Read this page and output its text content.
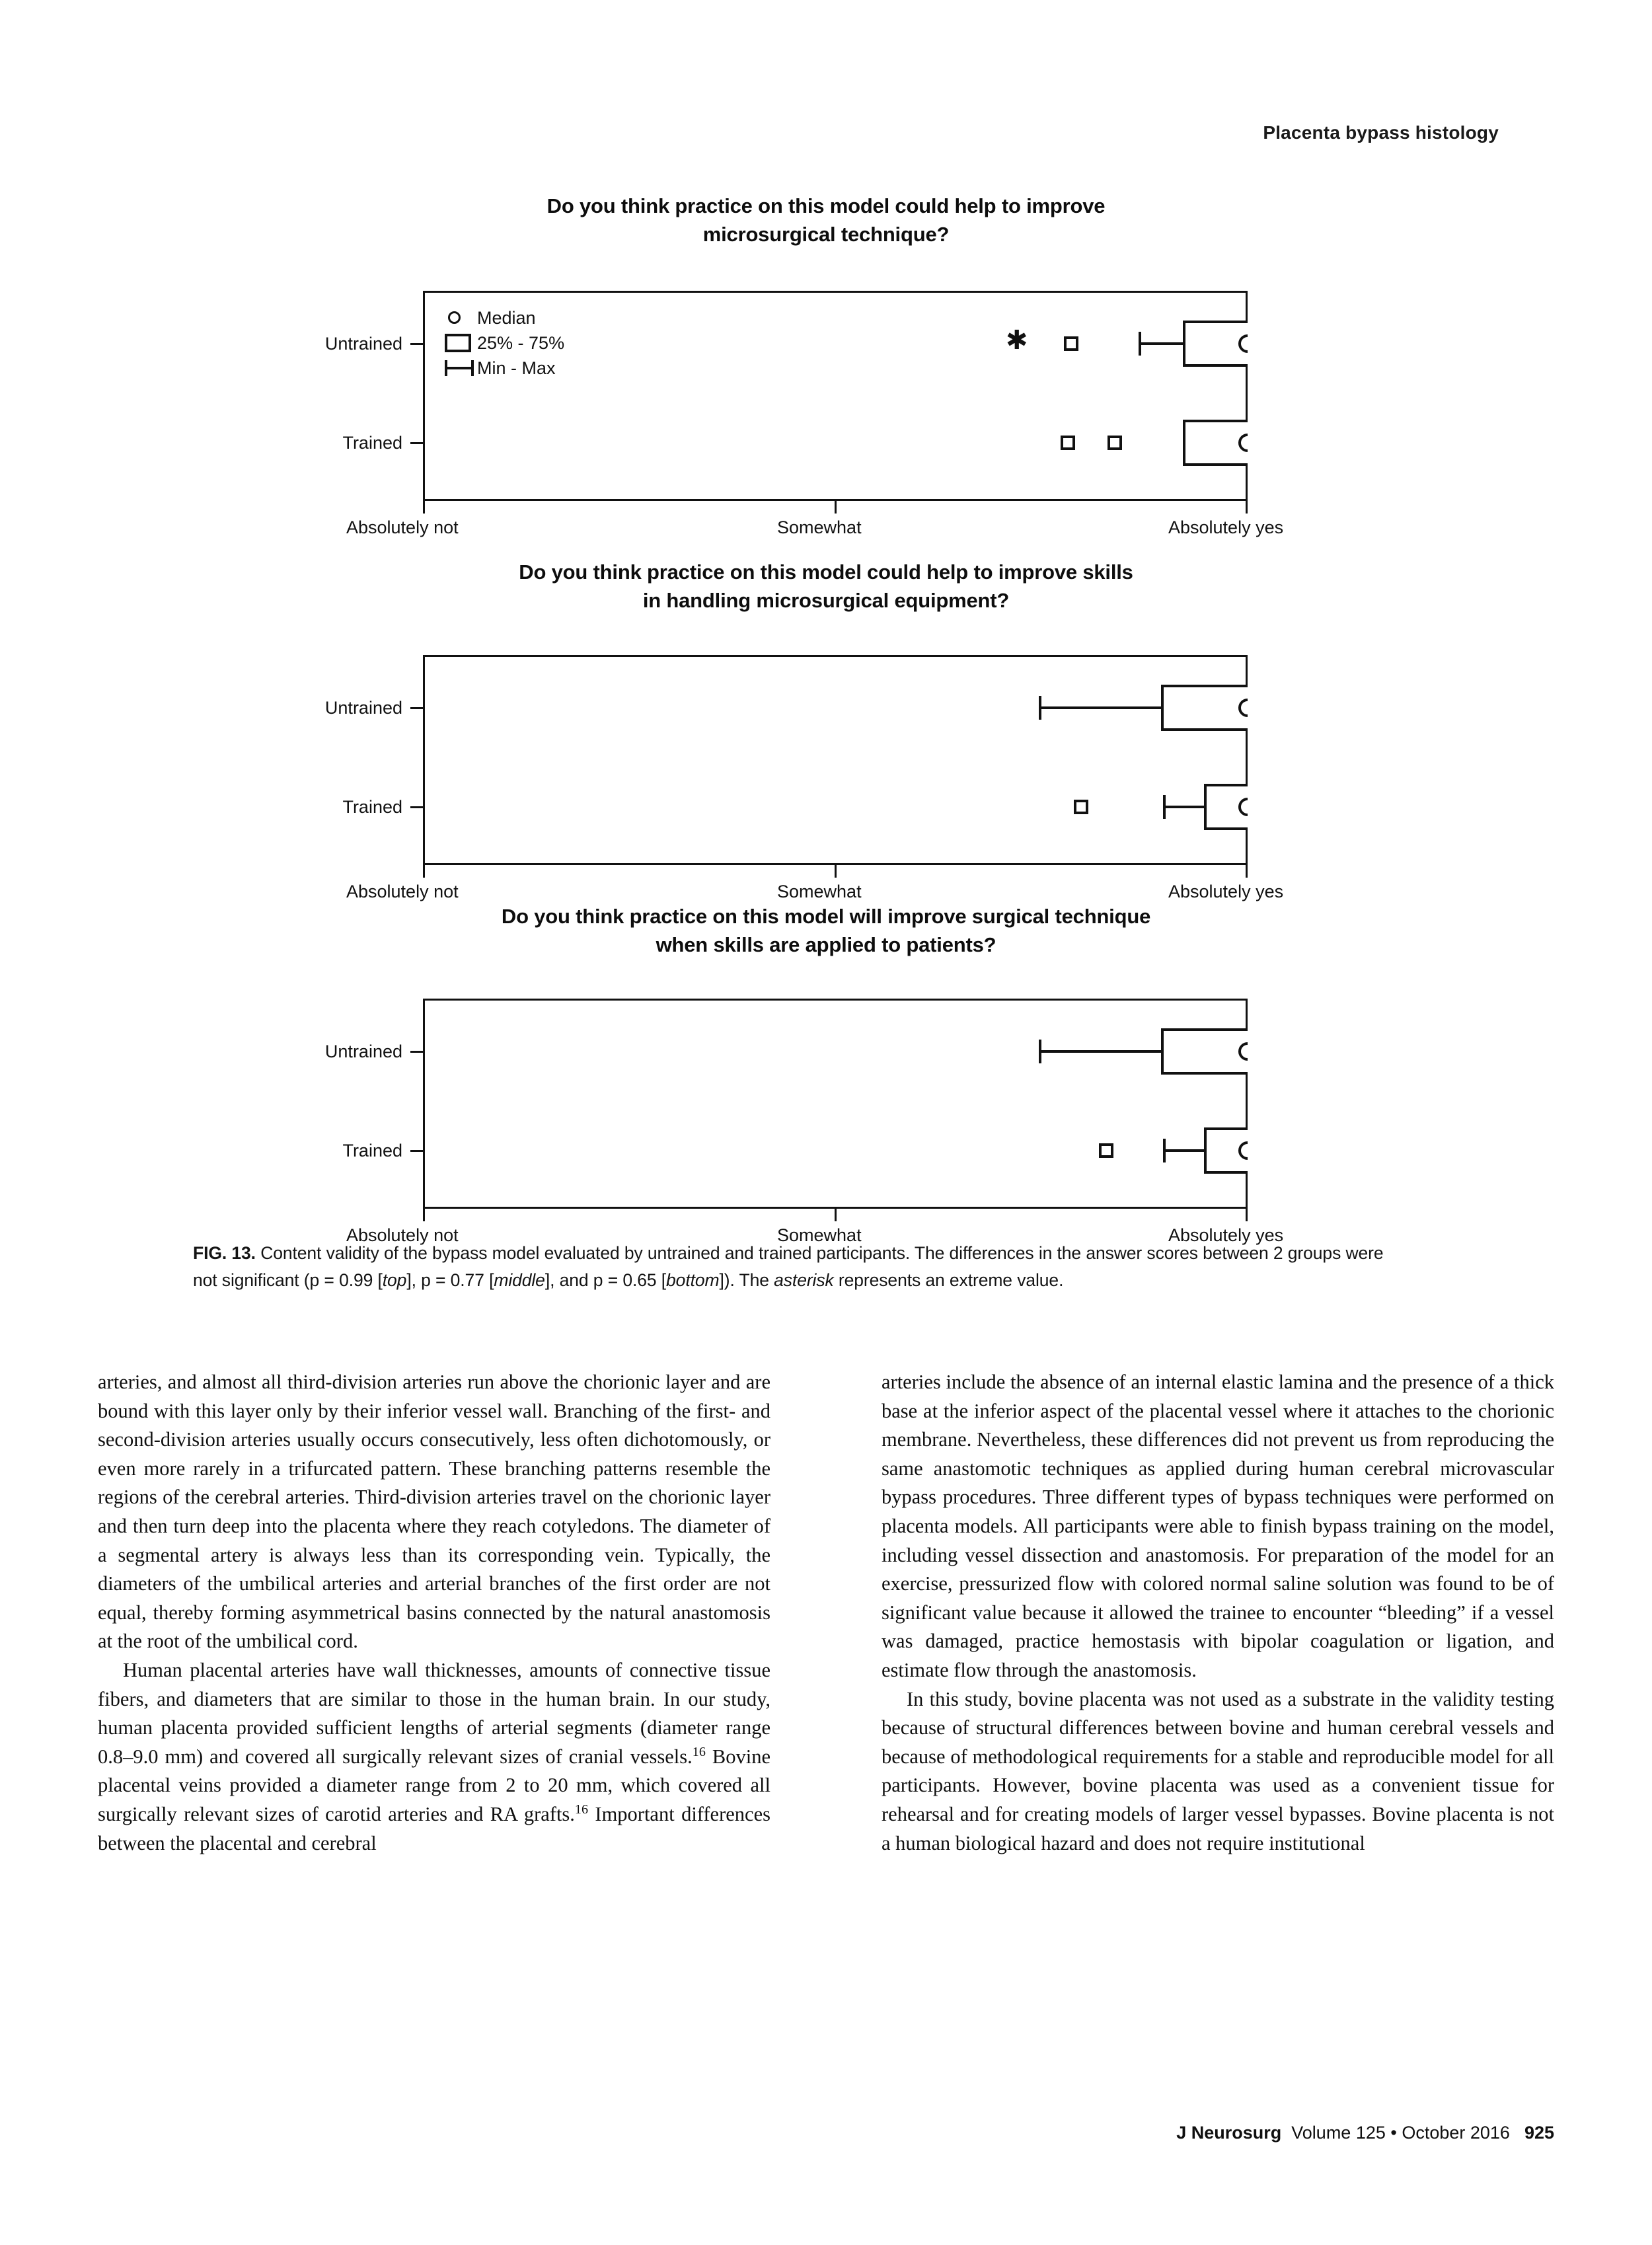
Placenta bypass histology
Do you think practice on this model could help to improve
microsurgical technique?
Untrained
Trained
Median
25% - 75%
Min - Max
✱
Absolutely not	Somewhat	Absolutely yes
Do you think practice on this model could help to improve skills
in handling microsurgical equipment?
Untrained
Trained
Absolutely not	Somewhat	Absolutely yes
Do you think practice on this model will improve surgical technique
when skills are applied to patients?
Untrained
Trained
Absolutely not	Somewhat	Absolutely yes
FIG. 13. Content validity of the bypass model evaluated by untrained and trained participants. The differences in the answer scores between 2 groups were not significant (p = 0.99 [top], p = 0.77 [middle], and p = 0.65 [bottom]). The asterisk represents an extreme value.

arteries, and almost all third-division arteries run above the chorionic layer and are bound with this layer only by their inferior vessel wall. Branching of the first- and second-division arteries usually occurs consecutively, less often dichotomously, or even more rarely in a trifurcated pattern. These branching patterns resemble the regions of the cerebral arteries. Third-division arteries travel on the chorionic layer and then turn deep into the placenta where they reach cotyledons. The diameter of a segmental artery is always less than its corresponding vein. Typically, the diameters of the umbilical arteries and arterial branches of the first order are not equal, thereby forming asymmetrical basins connected by the natural anastomosis at the root of the umbilical cord.

Human placental arteries have wall thicknesses, amounts of connective tissue fibers, and diameters that are similar to those in the human brain. In our study, human placenta provided sufficient lengths of arterial segments (diameter range 0.8–9.0 mm) and covered all surgically relevant sizes of cranial vessels.$^{16}$ Bovine placental veins provided a diameter range from 2 to 20 mm, which covered all surgically relevant sizes of carotid arteries and RA grafts.$^{16}$ Important differences between the placental and cerebral

arteries include the absence of an internal elastic lamina and the presence of a thick base at the inferior aspect of the placental vessel where it attaches to the chorionic membrane. Nevertheless, these differences did not prevent us from reproducing the same anastomotic techniques as applied during human cerebral microvascular bypass procedures. Three different types of bypass techniques were performed on placenta models. All participants were able to finish bypass training on the model, including vessel dissection and anastomosis. For preparation of the model for an exercise, pressurized flow with colored normal saline solution was found to be of significant value because it allowed the trainee to encounter “bleeding” if a vessel was damaged, practice hemostasis with bipolar coagulation or ligation, and estimate flow through the anastomosis.

In this study, bovine placenta was not used as a substrate in the validity testing because of structural differences between bovine and human cerebral vessels and because of methodological requirements for a stable and reproducible model for all participants. However, bovine placenta was used as a convenient tissue for rehearsal and for creating models of larger vessel bypasses. Bovine placenta is not a human biological hazard and does not require institutional

J Neurosurg Volume 125 • October 2016 925
